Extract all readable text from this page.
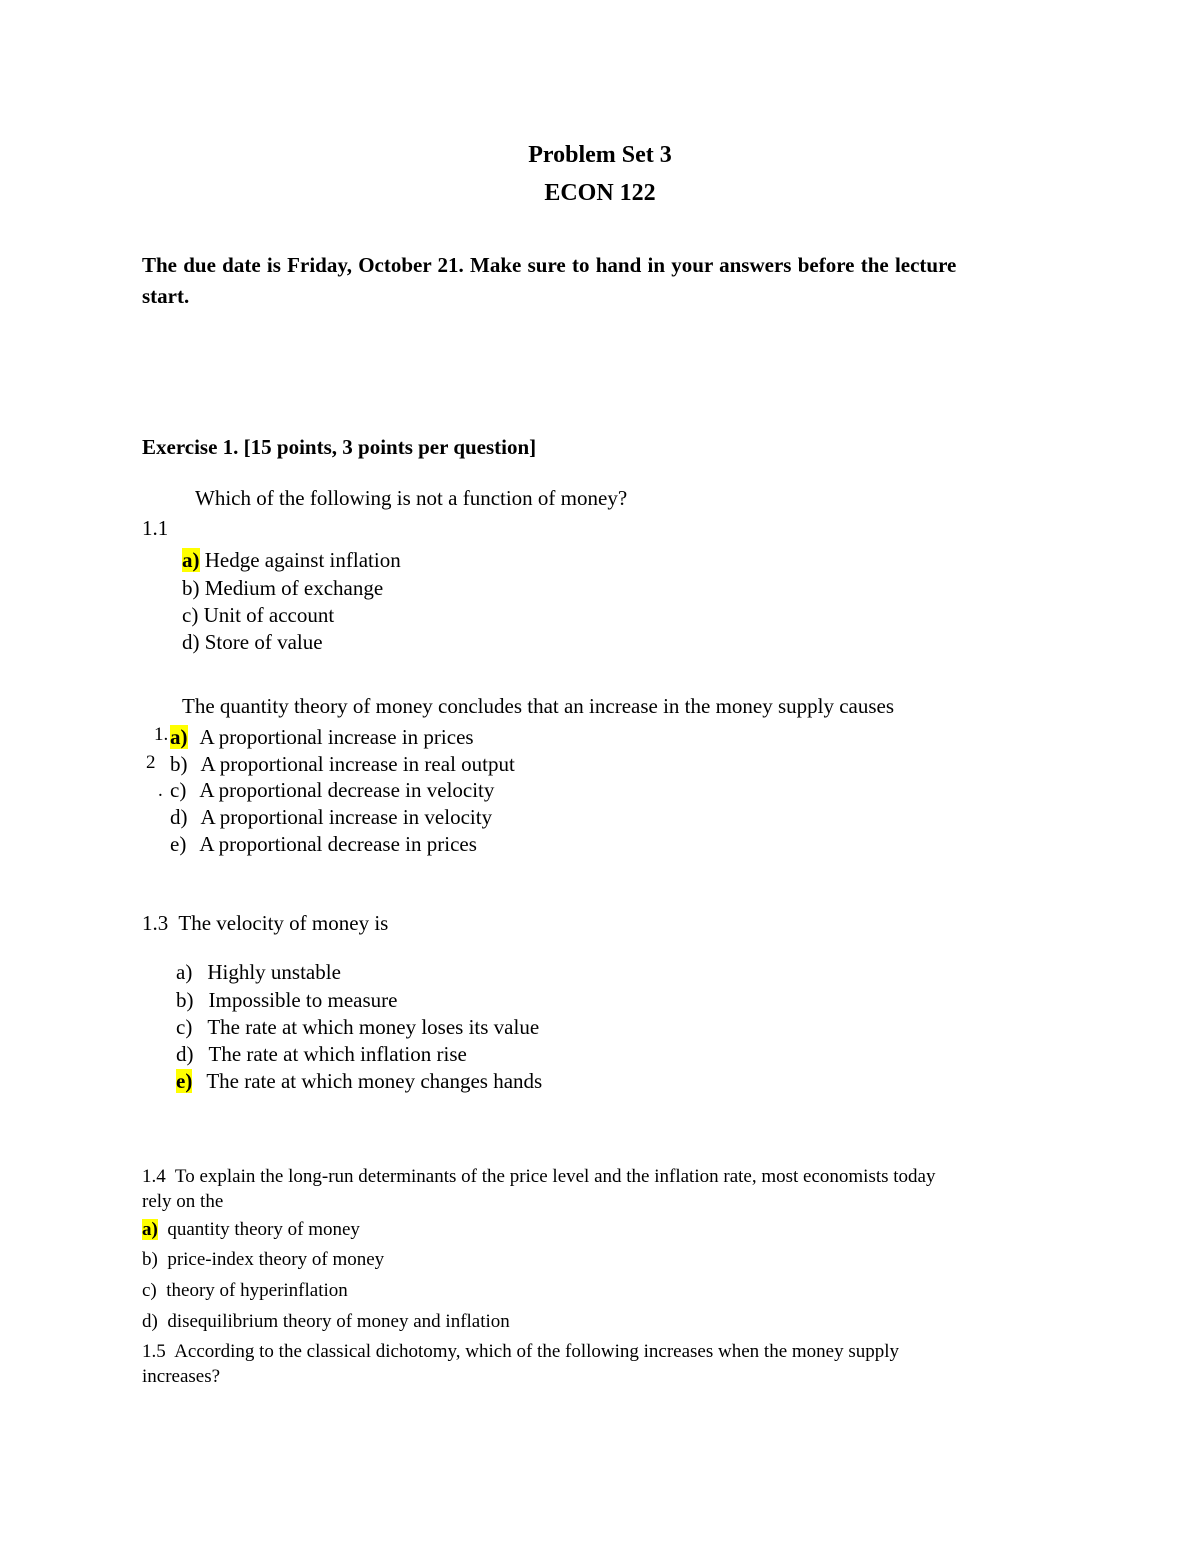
Problem Set 3
ECON 122
The due date is Friday, October 21. Make sure to hand in your answers before the lecture
start.
Exercise 1. [15 points, 3 points per question]
Which of the following is not a function of money?
1.1
a) Hedge against inflation
b) Medium of exchange
c) Unit of account
d) Store of value
The quantity theory of money concludes that an increase in the money supply causes
1.
2
.
a) A proportional increase in prices
b) A proportional increase in real output
c) A proportional decrease in velocity
d) A proportional increase in velocity
e) A proportional decrease in prices
1.3 The velocity of money is
a) Highly unstable
b) Impossible to measure
c) The rate at which money loses its value
d) The rate at which inflation rise
e) The rate at which money changes hands
1.4 To explain the long-run determinants of the price level and the inflation rate, most economists today
rely on the
a) quantity theory of money
b) price-index theory of money
c) theory of hyperinflation
d) disequilibrium theory of money and inflation
1.5 According to the classical dichotomy, which of the following increases when the money supply
increases?
